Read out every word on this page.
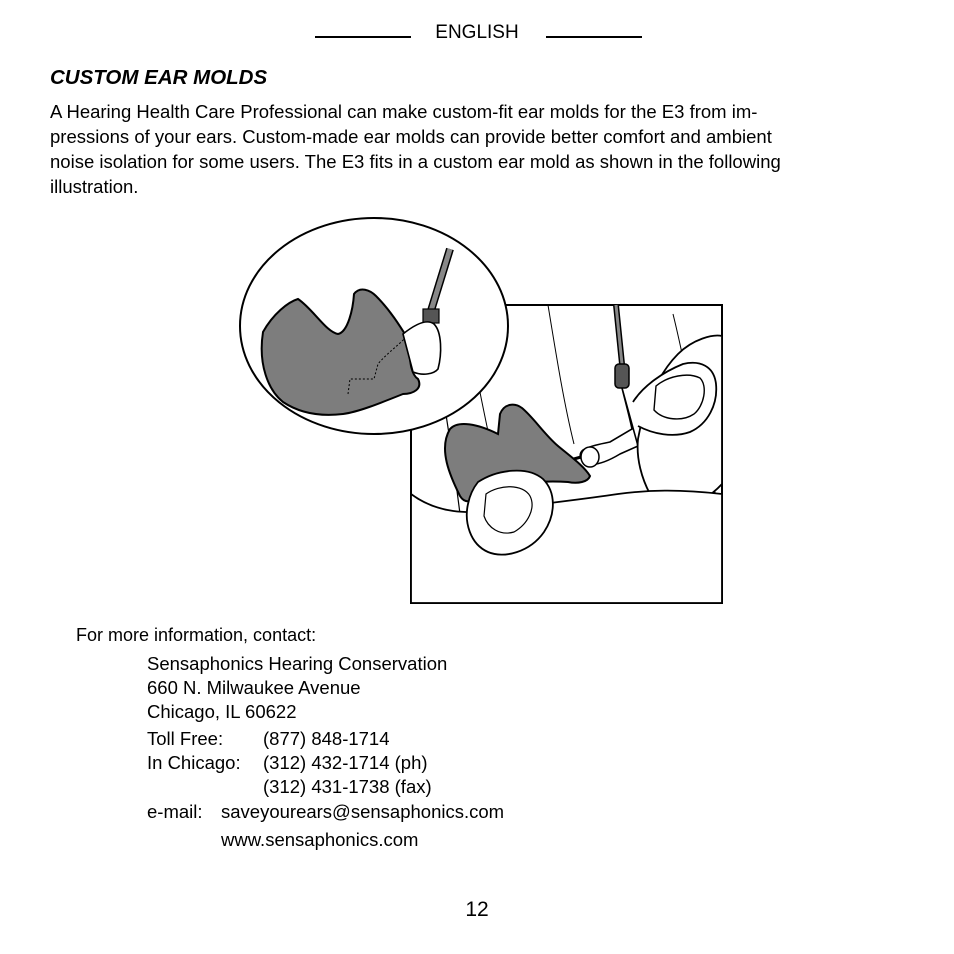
ENGLISH
CUSTOM EAR MOLDS
A Hearing Health Care Professional can make custom-fit ear molds for the E3 from im-
pressions of your ears. Custom-made ear molds can provide better comfort and ambient
noise isolation for some users. The E3 fits in a custom ear mold as shown in the following
illustration.
For more information, contact:
Sensaphonics Hearing Conservation
660 N. Milwaukee Avenue
Chicago, IL 60622
Toll Free: (877) 848-1714
In Chicago: (312) 432-1714 (ph)
(312) 431-1738 (fax)
e-mail: saveyourears@sensaphonics.com
www.sensaphonics.com
12
